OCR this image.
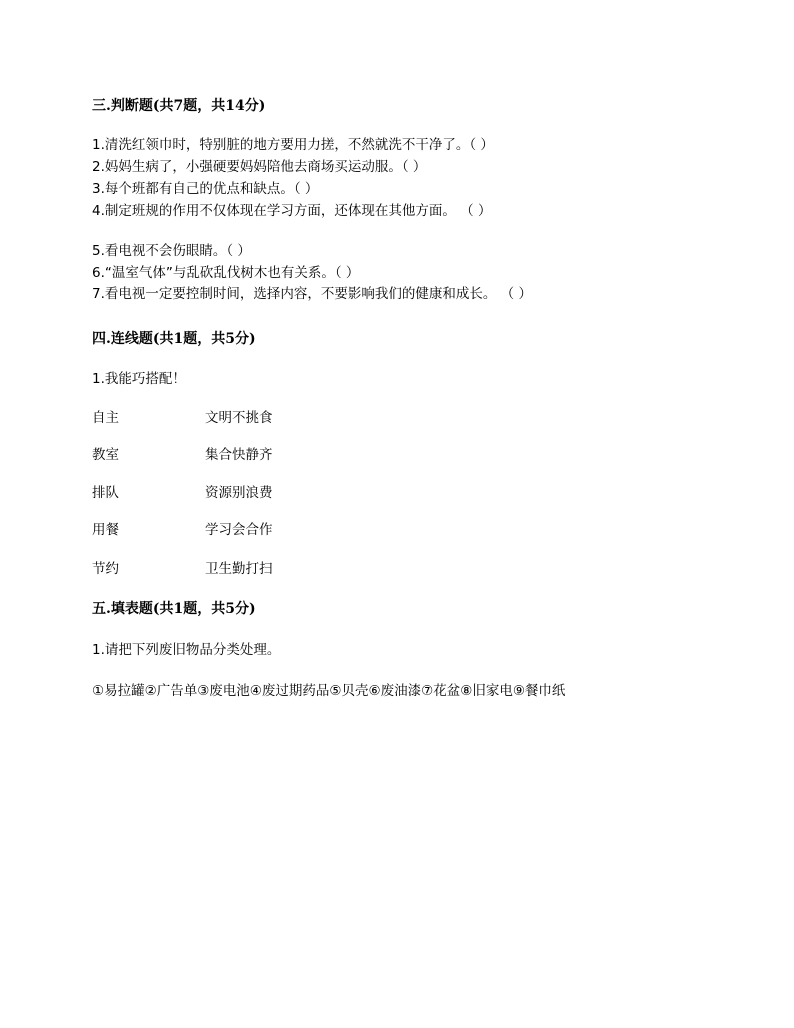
三.判断题(共7题，共14分)
1.清洗红领巾时，特别脏的地方要用力搓，不然就洗不干净了。（ ）
2.妈妈生病了，小强硬要妈妈陪他去商场买运动服。（ ）
3.每个班都有自己的优点和缺点。（ ）
4.制定班规的作用不仅体现在学习方面，还体现在其他方面。 （ ）
5.看电视不会伤眼睛。（ ）
6.“温室气体”与乱砍乱伐树木也有关系。（ ）
7.看电视一定要控制时间，选择内容，不要影响我们的健康和成长。 （ ）
四.连线题(共1题，共5分)
1.我能巧搭配！
自主	文明不挑食
教室	集合快静齐
排队	资源别浪费
用餐	学习会合作
节约	卫生勤打扫
五.填表题(共1题，共5分)
1.请把下列废旧物品分类处理。
①易拉罐②广告单③废电池④废过期药品⑤贝壳⑥废油漆⑦花盆⑧旧家电⑨餐巾纸
